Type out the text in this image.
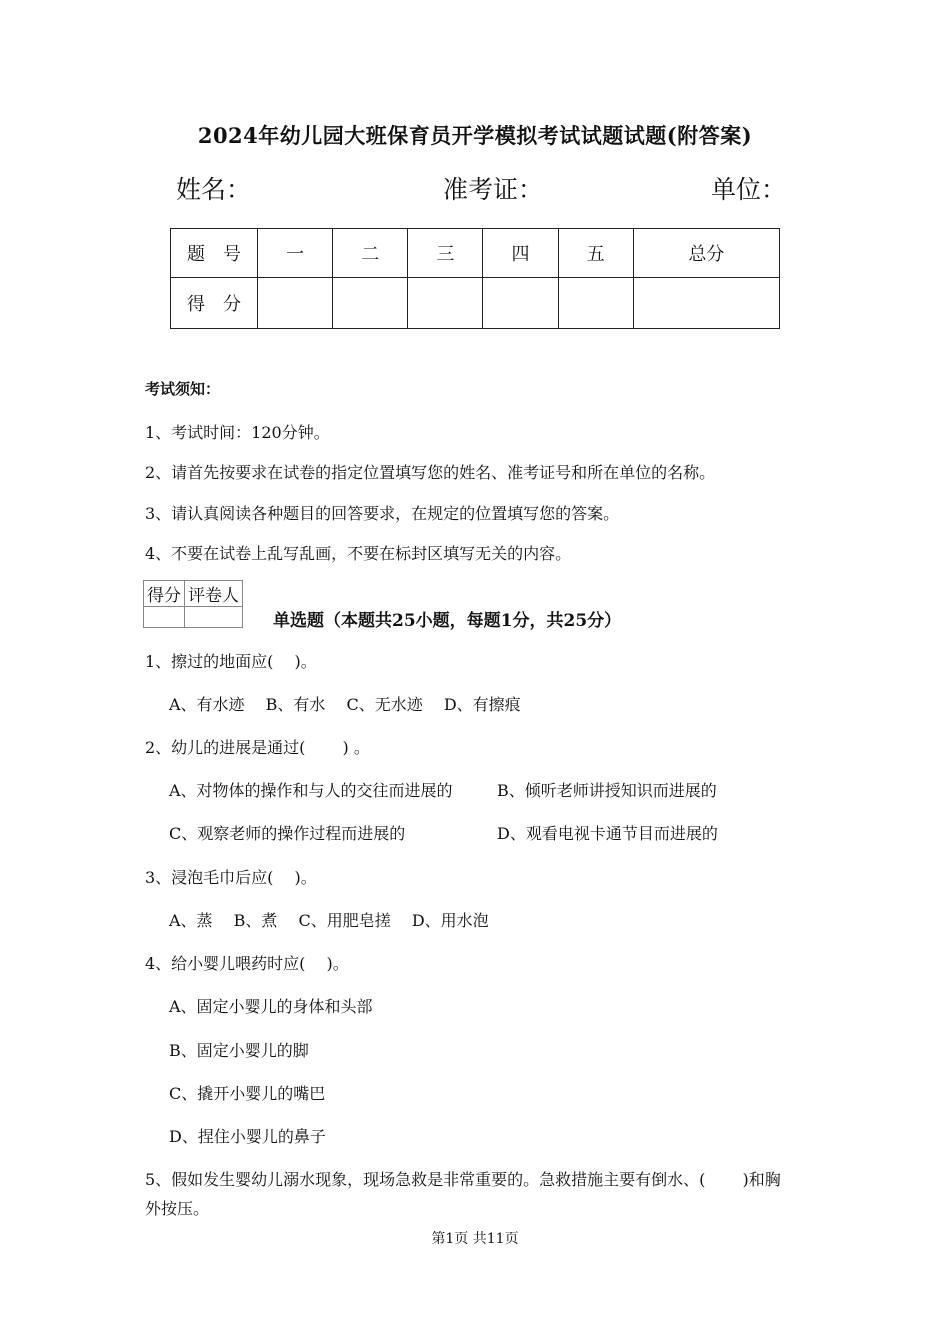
2024年幼儿园大班保育员开学模拟考试试题试题(附答案)
姓名：	准考证：	单位：
题　号	一	二	三	四	五	总分
得　分						
考试须知：
1、考试时间：120分钟。
2、请首先按要求在试卷的指定位置填写您的姓名、准考证号和所在单位的名称。
3、请认真阅读各种题目的回答要求，在规定的位置填写您的答案。
4、不要在试卷上乱写乱画，不要在标封区填写无关的内容。
得分	评卷人

单选题（本题共25小题，每题1分，共25分）
1、擦过的地面应(　 )。
A、有水迹　 B、有水　 C、无水迹　 D、有擦痕
2、幼儿的进展是通过(　　 ) 。
A、对物体的操作和与人的交往而进展的	B、倾听老师讲授知识而进展的
C、观察老师的操作过程而进展的	D、观看电视卡通节目而进展的
3、浸泡毛巾后应(　 )。
A、蒸　 B、煮　 C、用肥皂搓　 D、用水泡
4、给小婴儿喂药时应(　 )。
A、固定小婴儿的身体和头部
B、固定小婴儿的脚
C、撬开小婴儿的嘴巴
D、捏住小婴儿的鼻子
5、假如发生婴幼儿溺水现象，现场急救是非常重要的。急救措施主要有倒水、(　　 )和胸
外按压。
第1页 共11页
